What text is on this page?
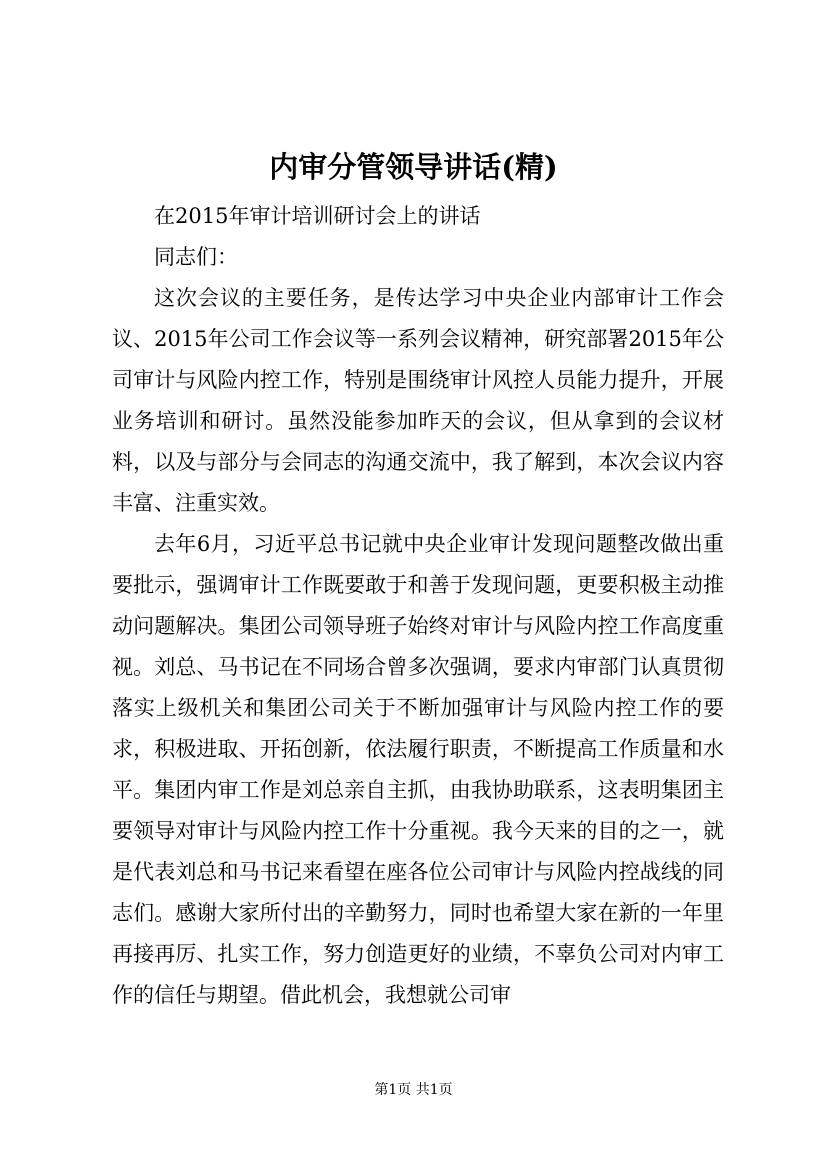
内审分管领导讲话(精)

在2015年审计培训研讨会上的讲话

同志们：

这次会议的主要任务，是传达学习中央企业内部审计工作会议、2015年公司工作会议等一系列会议精神，研究部署2015年公司审计与风险内控工作，特别是围绕审计风控人员能力提升，开展业务培训和研讨。虽然没能参加昨天的会议，但从拿到的会议材料，以及与部分与会同志的沟通交流中，我了解到，本次会议内容丰富、注重实效。

去年6月，习近平总书记就中央企业审计发现问题整改做出重要批示，强调审计工作既要敢于和善于发现问题，更要积极主动推动问题解决。集团公司领导班子始终对审计与风险内控工作高度重视。刘总、马书记在不同场合曾多次强调，要求内审部门认真贯彻落实上级机关和集团公司关于不断加强审计与风险内控工作的要求，积极进取、开拓创新，依法履行职责，不断提高工作质量和水平。集团内审工作是刘总亲自主抓，由我协助联系，这表明集团主要领导对审计与风险内控工作十分重视。我今天来的目的之一，就是代表刘总和马书记来看望在座各位公司审计与风险内控战线的同志们。感谢大家所付出的辛勤努力，同时也希望大家在新的一年里再接再厉、扎实工作，努力创造更好的业绩，不辜负公司对内审工作的信任与期望。借此机会，我想就公司审

第1页 共1页
